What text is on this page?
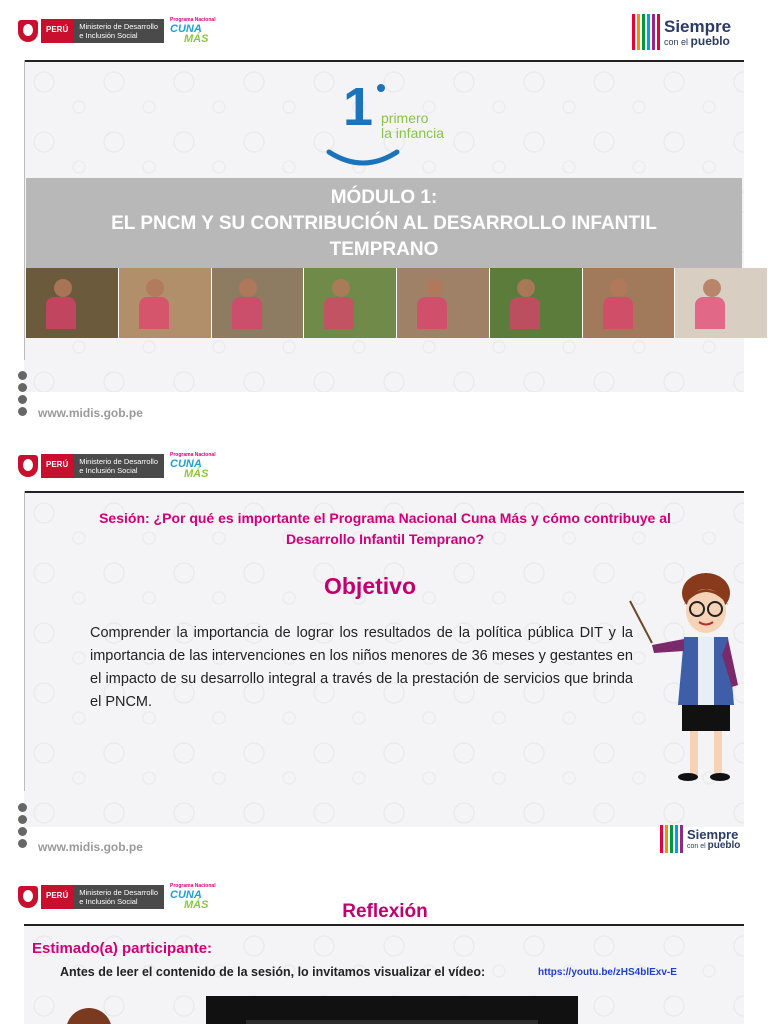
PERÚ	Ministerio de Desarrollo
e Inclusión Social
Programa Nacional
CUNA
MÁS
Siempre
con el pueblo
1 primero
la infancia
MÓDULO 1:
EL PNCM Y SU CONTRIBUCIÓN AL DESARROLLO INFANTIL
TEMPRANO
www.midis.gob.pe
PERÚ	Ministerio de Desarrollo
e Inclusión Social
Programa Nacional
CUNA
MÁS
Sesión: ¿Por qué es importante el Programa Nacional Cuna Más y cómo contribuye al
Desarrollo Infantil Temprano?
Objetivo
Comprender la importancia de lograr los resultados de la política pública DIT y la importancia de las intervenciones en los niños menores de 36 meses y gestantes en el impacto de su desarrollo integral a través de la prestación de servicios que brinda el PNCM.
www.midis.gob.pe
Siempre
con el pueblo
PERÚ	Ministerio de Desarrollo
e Inclusión Social
Programa Nacional
CUNA
MÁS	Reflexión
Estimado(a) participante:
Antes de leer el contenido de la sesión, lo invitamos visualizar el vídeo:	https://youtu.be/zHS4blExv-E
